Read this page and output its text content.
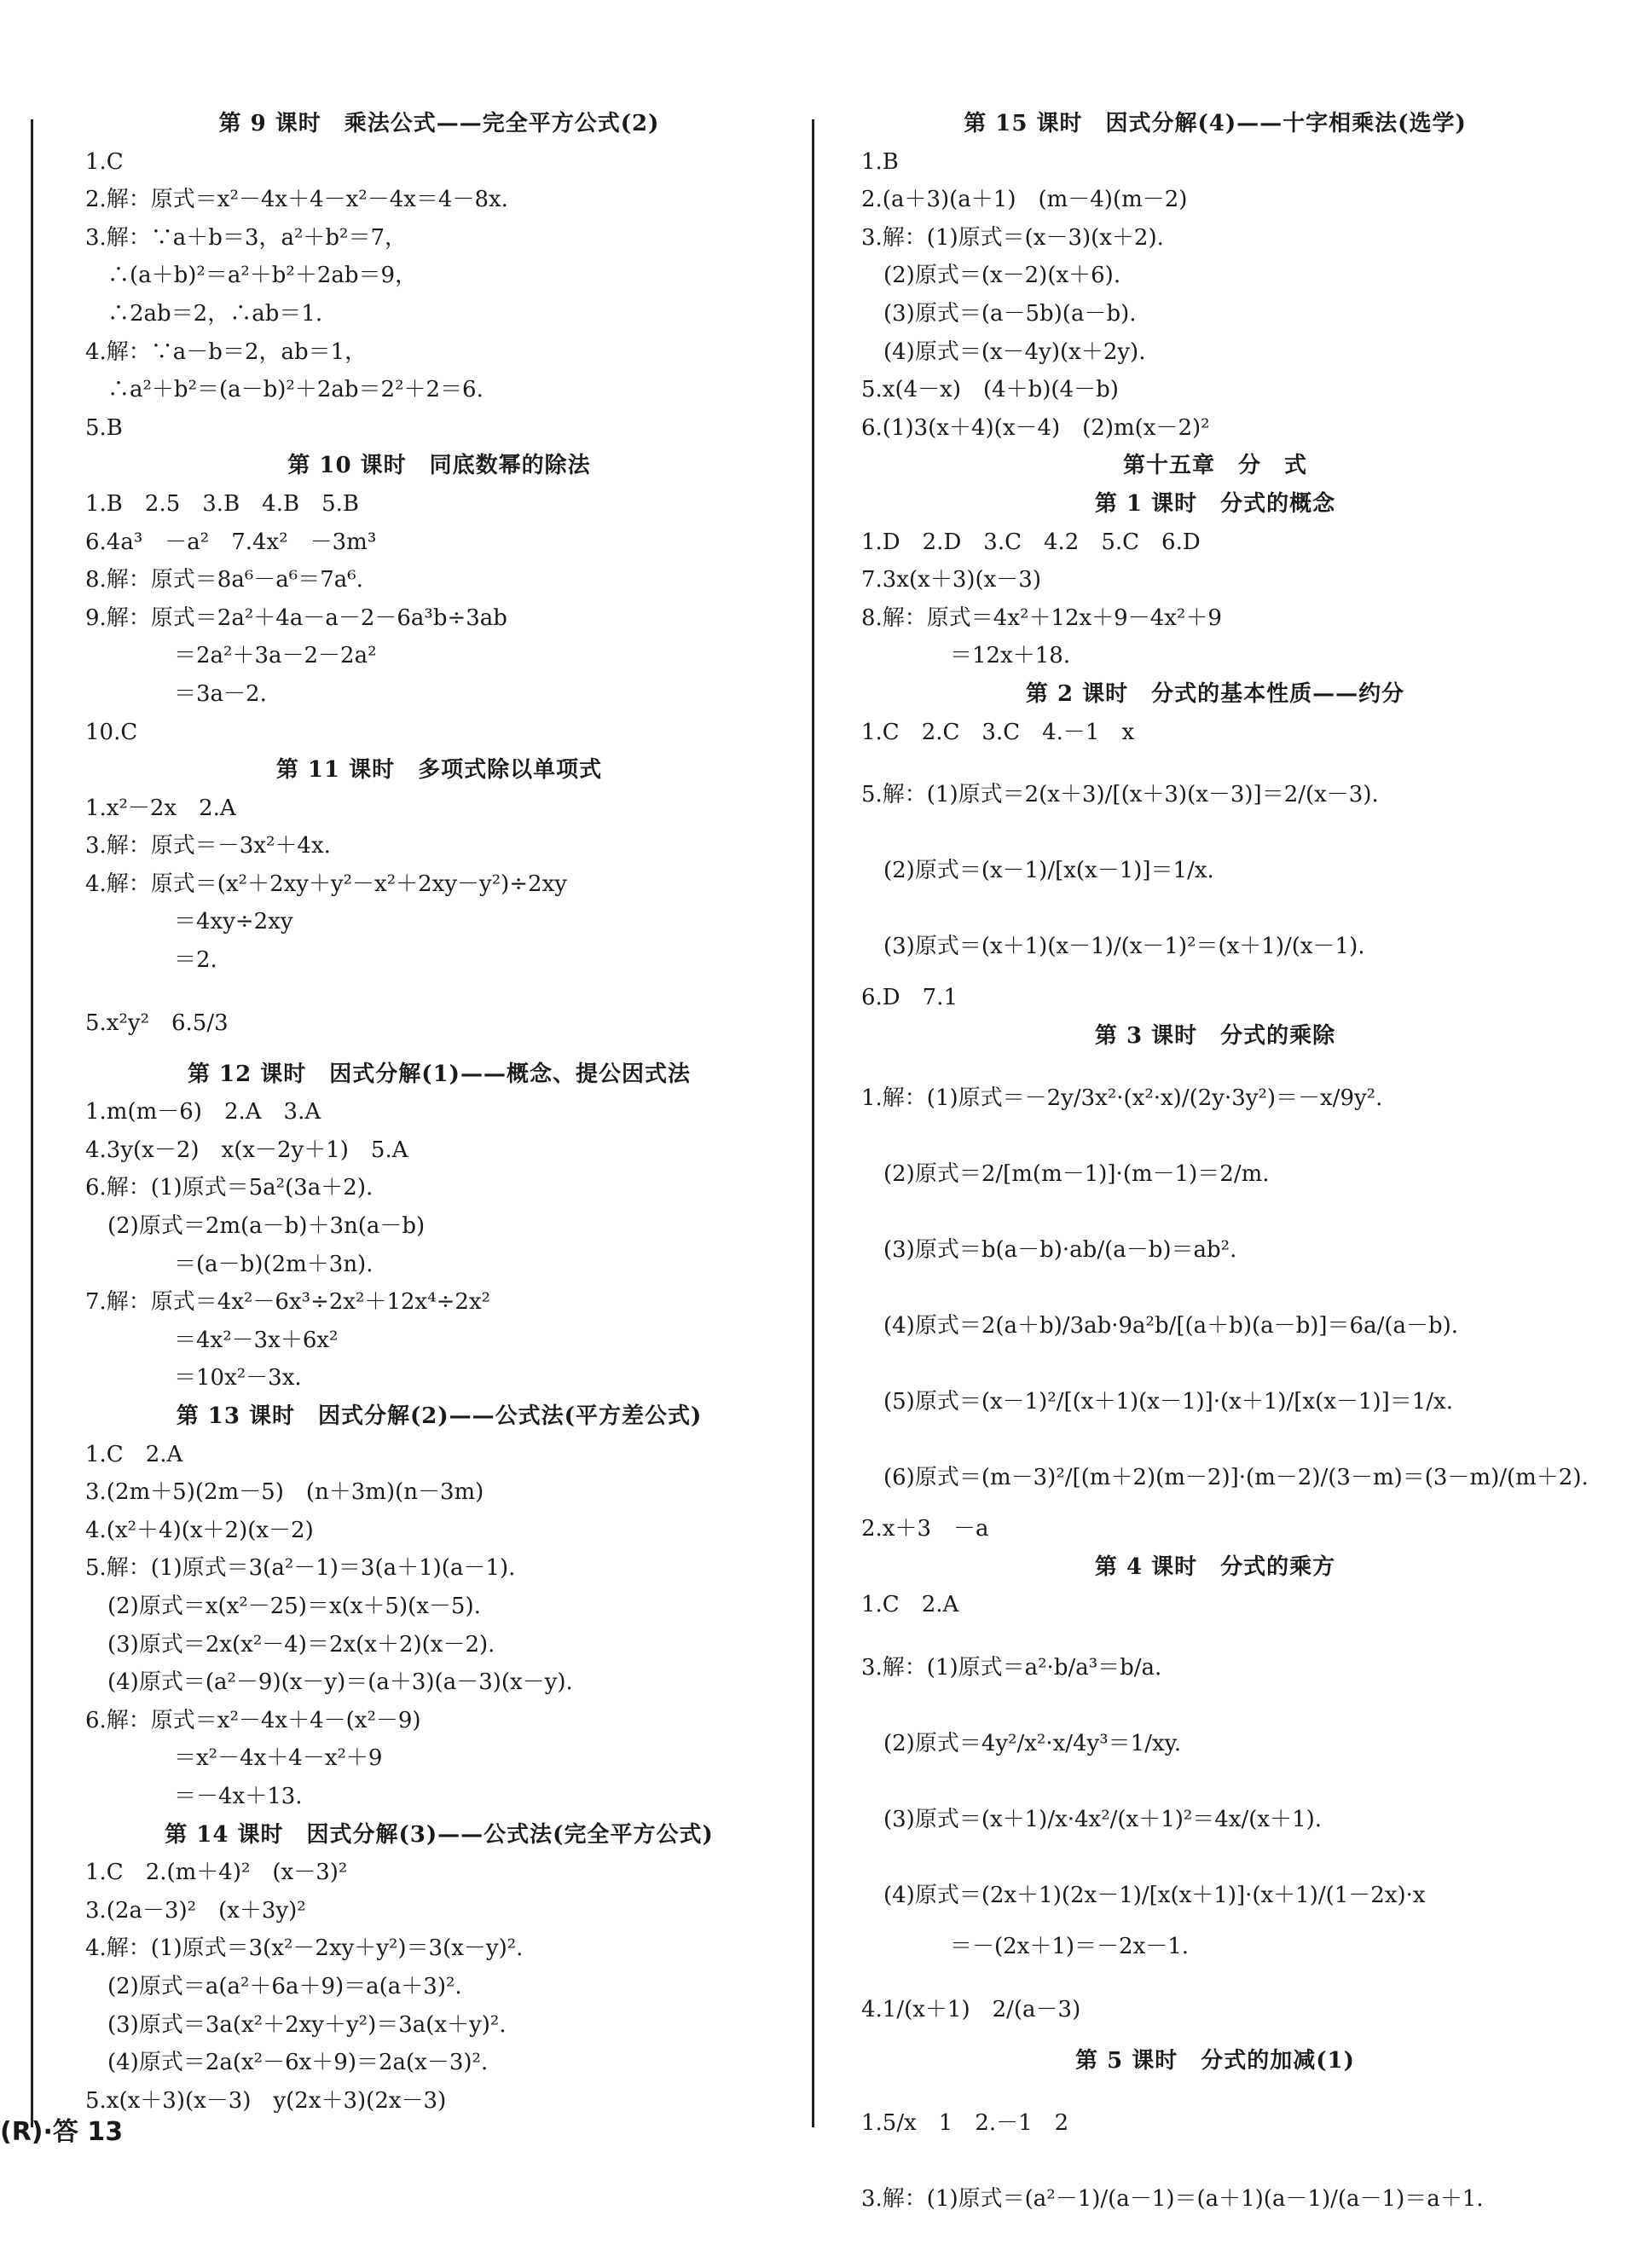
第 9 课时　乘法公式——完全平方公式(2)
1.C
2.解：原式＝x²－4x＋4－x²－4x＝4－8x.
3.解：∵a＋b＝3，a²＋b²＝7，
　∴(a＋b)²＝a²＋b²＋2ab＝9，
　∴2ab＝2，∴ab＝1.
4.解：∵a－b＝2，ab＝1，
　∴a²＋b²＝(a－b)²＋2ab＝2²＋2＝6.
5.B
第 10 课时　同底数幂的除法
1.B　2.5　3.B　4.B　5.B
6.4a³　－a²　7.4x²　－3m³
8.解：原式＝8a⁶－a⁶＝7a⁶.
9.解：原式＝2a²＋4a－a－2－6a³b÷3ab
　　　　＝2a²＋3a－2－2a²
　　　　＝3a－2.
10.C
第 11 课时　多项式除以单项式
1.x²－2x　2.A
3.解：原式＝－3x²＋4x.
4.解：原式＝(x²＋2xy＋y²－x²＋2xy－y²)÷2xy
　　　　＝4xy÷2xy
　　　　＝2.
5.x²y²　6.5/3
第 12 课时　因式分解(1)——概念、提公因式法
1.m(m－6)　2.A　3.A
4.3y(x－2)　x(x－2y＋1)　5.A
6.解：(1)原式＝5a²(3a＋2).
　(2)原式＝2m(a－b)＋3n(a－b)
　　　　＝(a－b)(2m＋3n).
7.解：原式＝4x²－6x³÷2x²＋12x⁴÷2x²
　　　　＝4x²－3x＋6x²
　　　　＝10x²－3x.
第 13 课时　因式分解(2)——公式法(平方差公式)
1.C　2.A
3.(2m＋5)(2m－5)　(n＋3m)(n－3m)
4.(x²＋4)(x＋2)(x－2)
5.解：(1)原式＝3(a²－1)＝3(a＋1)(a－1).
　(2)原式＝x(x²－25)＝x(x＋5)(x－5).
　(3)原式＝2x(x²－4)＝2x(x＋2)(x－2).
　(4)原式＝(a²－9)(x－y)＝(a＋3)(a－3)(x－y).
6.解：原式＝x²－4x＋4－(x²－9)
　　　　＝x²－4x＋4－x²＋9
　　　　＝－4x＋13.
第 14 课时　因式分解(3)——公式法(完全平方公式)
1.C　2.(m＋4)²　(x－3)²
3.(2a－3)²　(x＋3y)²
4.解：(1)原式＝3(x²－2xy＋y²)＝3(x－y)².
　(2)原式＝a(a²＋6a＋9)＝a(a＋3)².
　(3)原式＝3a(x²＋2xy＋y²)＝3a(x＋y)².
　(4)原式＝2a(x²－6x＋9)＝2a(x－3)².
5.x(x＋3)(x－3)　y(2x＋3)(2x－3)
第 15 课时　因式分解(4)——十字相乘法(选学)
1.B
2.(a＋3)(a＋1)　(m－4)(m－2)
3.解：(1)原式＝(x－3)(x＋2).
　(2)原式＝(x－2)(x＋6).
　(3)原式＝(a－5b)(a－b).
　(4)原式＝(x－4y)(x＋2y).
5.x(4－x)　(4＋b)(4－b)
6.(1)3(x＋4)(x－4)　(2)m(x－2)²
第十五章　分　式
第 1 课时　分式的概念
1.D　2.D　3.C　4.2　5.C　6.D
7.3x(x＋3)(x－3)
8.解：原式＝4x²＋12x＋9－4x²＋9
　　　　＝12x＋18.
第 2 课时　分式的基本性质——约分
1.C　2.C　3.C　4.－1　x
5.解：(1)原式＝2(x＋3)/[(x＋3)(x－3)]＝2/(x－3).
　(2)原式＝(x－1)/[x(x－1)]＝1/x.
　(3)原式＝(x＋1)(x－1)/(x－1)²＝(x＋1)/(x－1).
6.D　7.1
第 3 课时　分式的乘除
1.解：(1)原式＝－2y/3x²·(x²·x)/(2y·3y²)＝－x/9y².
　(2)原式＝2/[m(m－1)]·(m－1)＝2/m.
　(3)原式＝b(a－b)·ab/(a－b)＝ab².
　(4)原式＝2(a＋b)/3ab·9a²b/[(a＋b)(a－b)]＝6a/(a－b).
　(5)原式＝(x－1)²/[(x＋1)(x－1)]·(x＋1)/[x(x－1)]＝1/x.
　(6)原式＝(m－3)²/[(m＋2)(m－2)]·(m－2)/(3－m)＝(3－m)/(m＋2).
2.x＋3　－a
第 4 课时　分式的乘方
1.C　2.A
3.解：(1)原式＝a²·b/a³＝b/a.
　(2)原式＝4y²/x²·x/4y³＝1/xy.
　(3)原式＝(x＋1)/x·4x²/(x＋1)²＝4x/(x＋1).
　(4)原式＝(2x＋1)(2x－1)/[x(x＋1)]·(x＋1)/(1－2x)·x
　　　　＝－(2x＋1)＝－2x－1.
4.1/(x＋1)　2/(a－3)
第 5 课时　分式的加减(1)
1.5/x　1　2.－1　2
3.解：(1)原式＝(a²－1)/(a－1)＝(a＋1)(a－1)/(a－1)＝a＋1.
(R)·答 13
